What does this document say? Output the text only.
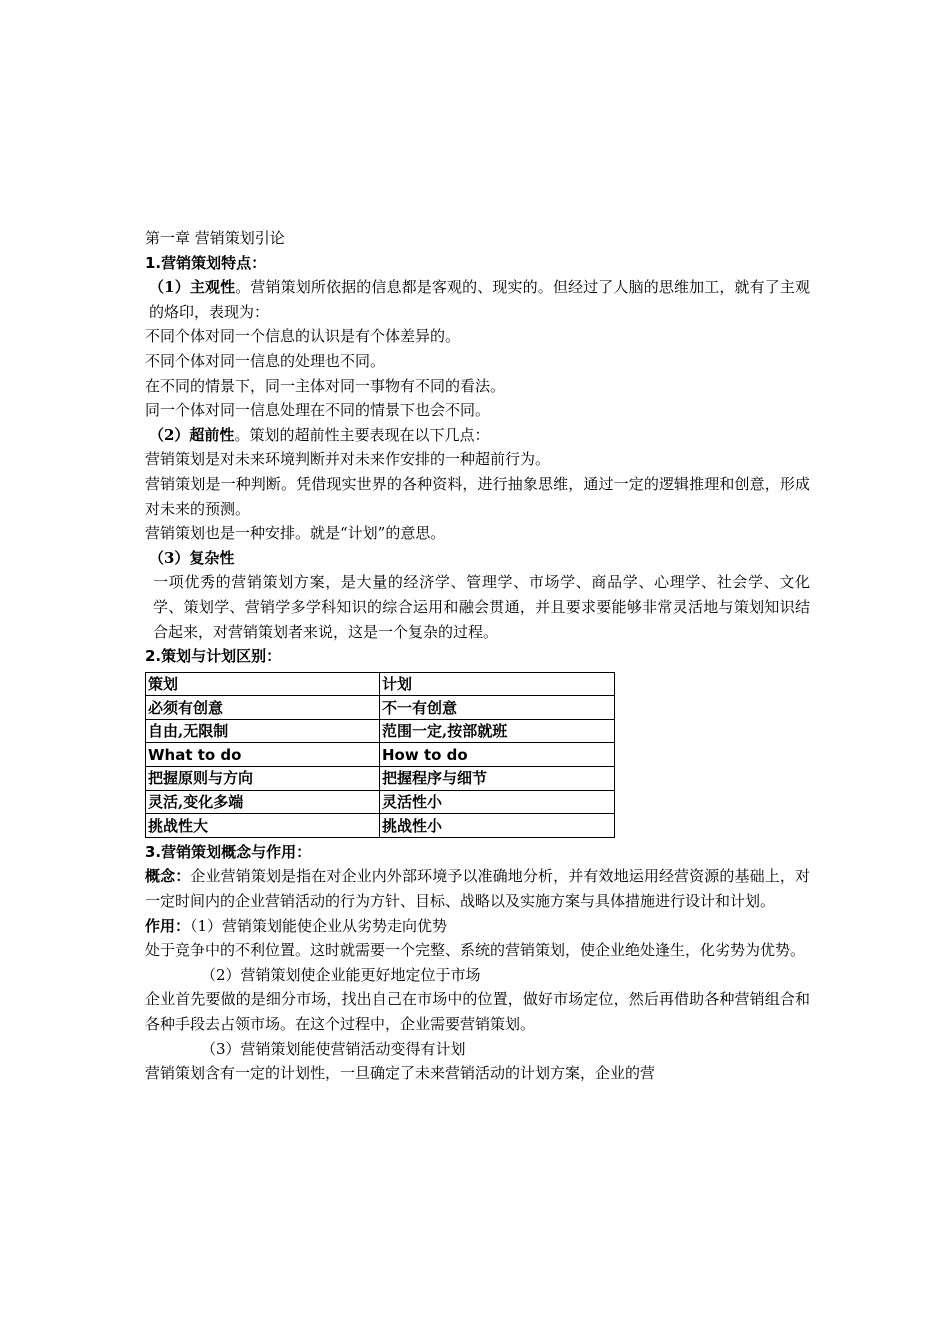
第一章 营销策划引论
1.营销策划特点：
（1）主观性。营销策划所依据的信息都是客观的、现实的。但经过了人脑的思维加工，就有了主观的烙印，表现为：
不同个体对同一个信息的认识是有个体差异的。
不同个体对同一信息的处理也不同。
在不同的情景下，同一主体对同一事物有不同的看法。
同一个体对同一信息处理在不同的情景下也会不同。
（2）超前性。策划的超前性主要表现在以下几点：
营销策划是对未来环境判断并对未来作安排的一种超前行为。
营销策划是一种判断。凭借现实世界的各种资料，进行抽象思维，通过一定的逻辑推理和创意，形成对未来的预测。
营销策划也是一种安排。就是“计划”的意思。
（3）复杂性
一项优秀的营销策划方案，是大量的经济学、管理学、市场学、商品学、心理学、社会学、文化学、策划学、营销学多学科知识的综合运用和融会贯通，并且要求要能够非常灵活地与策划知识结合起来，对营销策划者来说，这是一个复杂的过程。
2.策划与计划区别：
策划	计划
必须有创意	不一有创意
自由,无限制	范围一定,按部就班
What to do	How to do
把握原则与方向	把握程序与细节
灵活,变化多端	灵活性小
挑战性大	挑战性小
3.营销策划概念与作用：
概念：企业营销策划是指在对企业内外部环境予以准确地分析，并有效地运用经营资源的基础上，对一定时间内的企业营销活动的行为方针、目标、战略以及实施方案与具体措施进行设计和计划。
作用：（1）营销策划能使企业从劣势走向优势
处于竞争中的不利位置。这时就需要一个完整、系统的营销策划，使企业绝处逢生，化劣势为优势。
（2）营销策划使企业能更好地定位于市场
企业首先要做的是细分市场，找出自己在市场中的位置，做好市场定位，然后再借助各种营销组合和各种手段去占领市场。在这个过程中，企业需要营销策划。
（3）营销策划能使营销活动变得有计划
营销策划含有一定的计划性，一旦确定了未来营销活动的计划方案，企业的营
